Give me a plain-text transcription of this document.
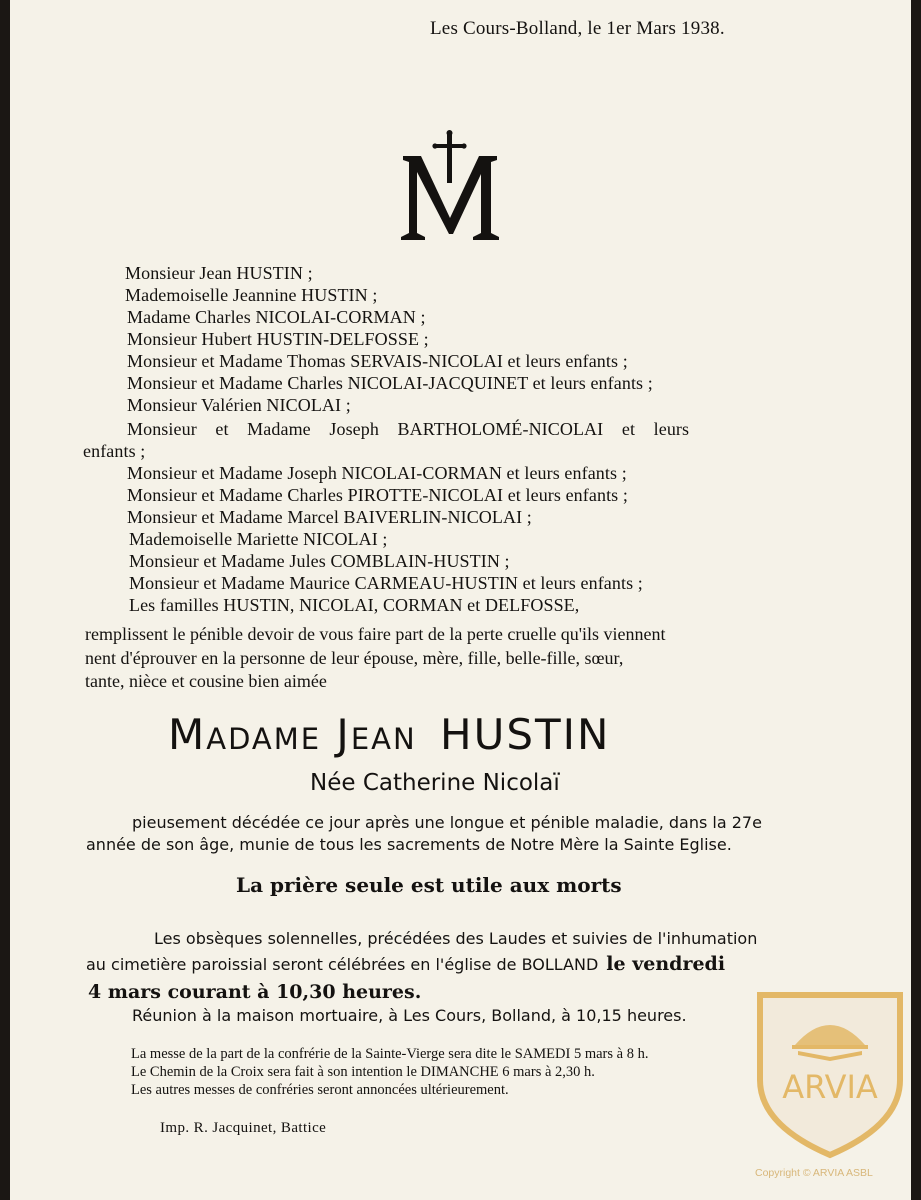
Les Cours-Bolland, le 1er Mars 1938.
Monsieur Jean HUSTIN ;
Mademoiselle Jeannine HUSTIN ;
Madame Charles NICOLAI-CORMAN ;
Monsieur Hubert HUSTIN-DELFOSSE ;
Monsieur et Madame Thomas SERVAIS-NICOLAI et leurs enfants ;
Monsieur et Madame Charles NICOLAI-JACQUINET et leurs enfants ;
Monsieur Valérien NICOLAI ;
Monsieur et Madame Joseph BARTHOLOMÉ-NICOLAI et leurs
enfants ;
Monsieur et Madame Joseph NICOLAI-CORMAN et leurs enfants ;
Monsieur et Madame Charles PIROTTE-NICOLAI et leurs enfants ;
Monsieur et Madame Marcel BAIVERLIN-NICOLAI ;
Mademoiselle Mariette NICOLAI ;
Monsieur et Madame Jules COMBLAIN-HUSTIN ;
Monsieur et Madame Maurice CARMEAU-HUSTIN et leurs enfants ;
Les familles HUSTIN, NICOLAI, CORMAN et DELFOSSE,
remplissent le pénible devoir de vous faire part de la perte cruelle qu'ils viennent
nent d'éprouver en la personne de leur épouse, mère, fille, belle-fille, sœur,
tante, nièce et cousine bien aimée
Madame Jean HUSTIN
Née Catherine Nicolaï
pieusement décédée ce jour après une longue et pénible maladie, dans la 27e
année de son âge, munie de tous les sacrements de Notre Mère la Sainte Eglise.
La prière seule est utile aux morts
Les obsèques solennelles, précédées des Laudes et suivies de l'inhumation
au cimetière paroissial seront célébrées en l'église de BOLLAND le vendredi
4 mars courant à 10,30 heures.
Réunion à la maison mortuaire, à Les Cours, Bolland, à 10,15 heures.
La messe de la part de la confrérie de la Sainte-Vierge sera dite le SAMEDI 5 mars à 8 h.
Le Chemin de la Croix sera fait à son intention le DIMANCHE 6 mars à 2,30 h.
Les autres messes de confréries seront annoncées ultérieurement.
Imp. R. Jacquinet, Battice
ARVIA
Copyright © ARVIA ASBL
